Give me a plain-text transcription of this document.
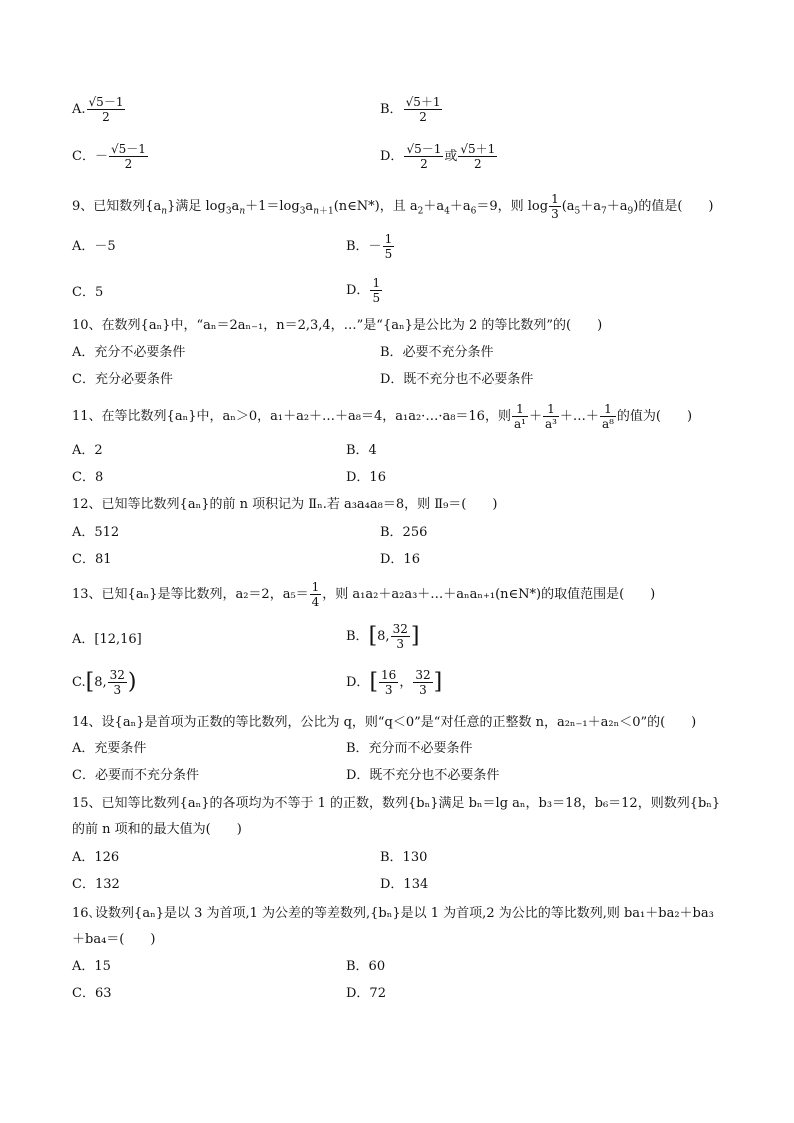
A. $\frac{√5-1}{2}$	B． $\frac{√5+1}{2}$
C．－ $\frac{√5-1}{2}$	D． $\frac{√5-1}{2}$ 或 $\frac{√5+1}{2}$
9、已知数列$\{a_n\}$满足 $\log_3a_n+1=\log_3a_{n+1}(n\in N*)$，且 $a_2+a_4+a_6=9$，则 $\log \frac{1}{3} (a_5+a_7+a_9)$的值是(　　)
A．－5	B．－ $\frac{1}{5}$
C．5	D． $\frac{1}{5}$
10、在数列{aₙ}中，“aₙ＝2aₙ₋₁，n＝2,3,4，…”是“{aₙ}是公比为 2 的等比数列”的(　　)
A．充分不必要条件	B．必要不充分条件
C．充分必要条件	D．既不充分也不必要条件
11、在等比数列{aₙ}中，aₙ＞0，a₁＋a₂＋…＋a₈＝4，a₁a₂·…·a₈＝16，则 $\frac{1}{\text{a¹}} + \frac{1}{\text{a³}}$ ＋…＋ $\frac{1}{\text{a⁸}}$ 的值为(　　)
A．2	B．4
C．8	D．16
12、已知等比数列{aₙ}的前 n 项积记为 Ⅱₙ.若 a₃a₄a₈＝8，则 Ⅱ₉＝(　　)
A．512	B．256
C．81	D．16
13、已知{aₙ}是等比数列，a₂＝2，$a_5= \frac{1}{4}$ ，则 a₁a₂＋a₂a₃＋…＋aₙaₙ₊₁(n∈N*)的取值范围是(　　)
A．[12,16]	B．[8, $\frac{32}{3}$ ]
C.[8, $\frac{32}{3}$ )	D．[ $\frac{16}{3}$ ， $\frac{32}{3}$ ]
14、设{aₙ}是首项为正数的等比数列，公比为 q，则“q＜0”是“对任意的正整数 n，a₂ₙ₋₁＋a₂ₙ＜0”的(　　)
A．充要条件	B．充分而不必要条件
C．必要而不充分条件	D．既不充分也不必要条件
15、已知等比数列{aₙ}的各项均为不等于 1 的正数，数列{bₙ}满足 bₙ＝lg aₙ，b₃＝18，b₆＝12，则数列{bₙ}
的前 n 项和的最大值为(　　)
A．126	B．130
C．132	D．134
16､设数列{aₙ}是以 3 为首项,1 为公差的等差数列,{bₙ}是以 1 为首项,2 为公比的等比数列,则 ba₁＋ba₂＋ba₃
＋ba₄＝(　　)
A．15	B．60
C．63	D．72
